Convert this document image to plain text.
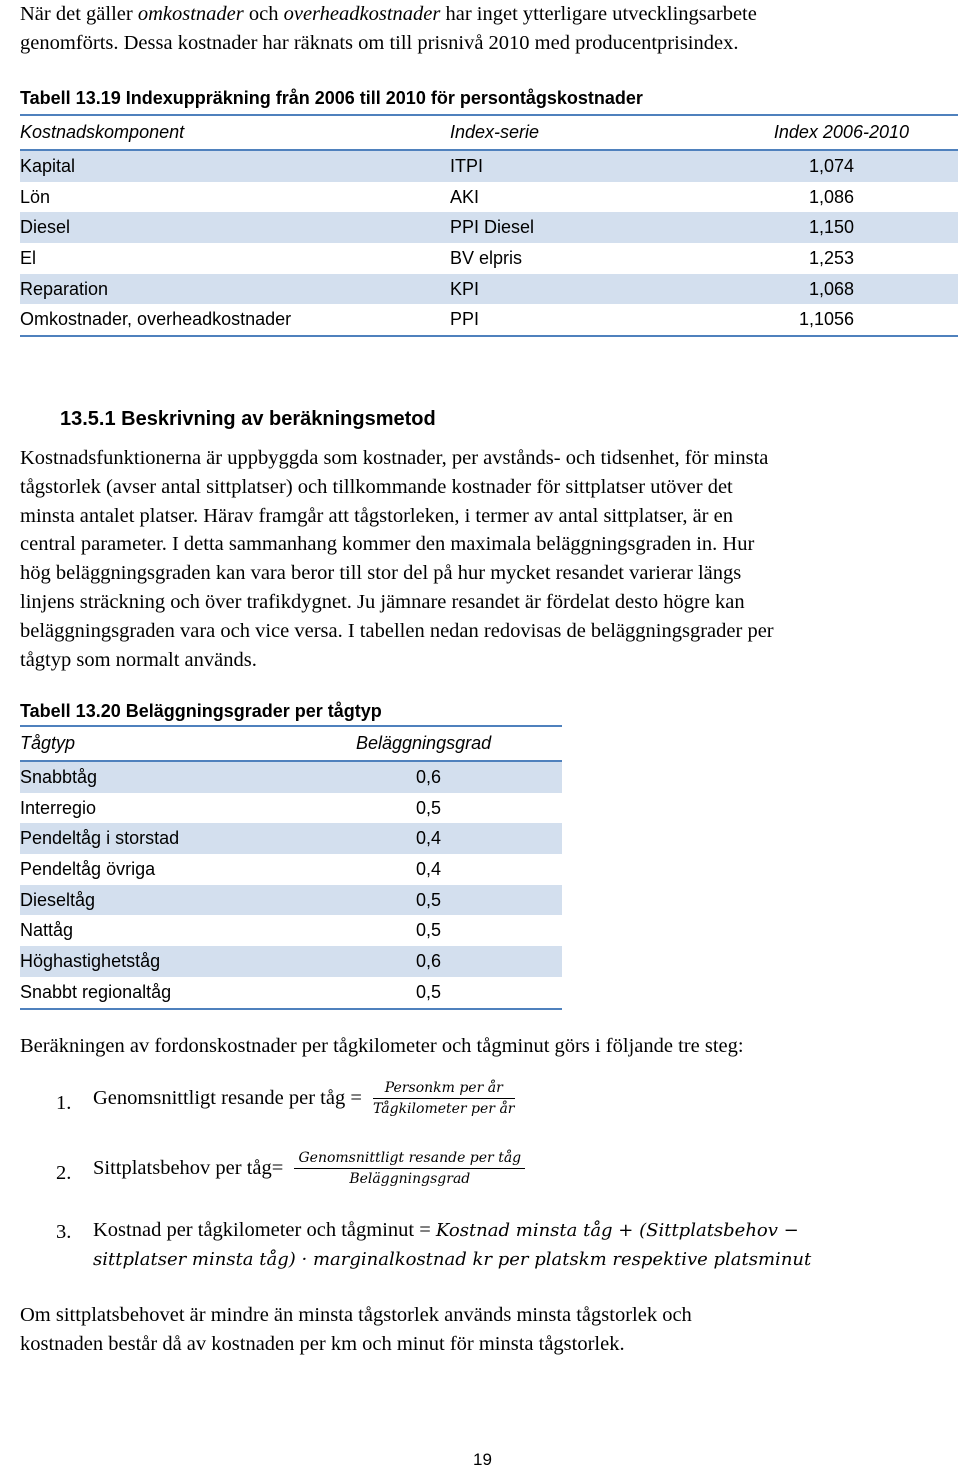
När det gäller omkostnader och overheadkostnader har inget ytterligare utvecklingsarbete
genomförts. Dessa kostnader har räknats om till prisnivå 2010 med producentprisindex.
Tabell 13.19 Indexuppräkning från 2006 till 2010 för persontågskostnader
Kostnadskomponent	Index-serie	Index 2006-2010
Kapital	ITPI	1,074
Lön	AKI	1,086
Diesel	PPI Diesel	1,150
El	BV elpris	1,253
Reparation	KPI	1,068
Omkostnader, overheadkostnader	PPI	1,1056
13.5.1 Beskrivning av beräkningsmetod
Kostnadsfunktionerna är uppbyggda som kostnader, per avstånds- och tidsenhet, för minsta
tågstorlek (avser antal sittplatser) och tillkommande kostnader för sittplatser utöver det
minsta antalet platser. Härav framgår att tågstorleken, i termer av antal sittplatser, är en
central parameter. I detta sammanhang kommer den maximala beläggningsgraden in. Hur
hög beläggningsgraden kan vara beror till stor del på hur mycket resandet varierar längs
linjens sträckning och över trafikdygnet. Ju jämnare resandet är fördelat desto högre kan
beläggningsgraden vara och vice versa. I tabellen nedan redovisas de beläggningsgrader per
tågtyp som normalt används.
Tabell 13.20 Beläggningsgrader per tågtyp
Tågtyp	Beläggningsgrad
Snabbtåg	0,6
Interregio	0,5
Pendeltåg i storstad	0,4
Pendeltåg övriga	0,4
Dieseltåg	0,5
Nattåg	0,5
Höghastighetståg	0,6
Snabbt regionaltåg	0,5
Beräkningen av fordonskostnader per tågkilometer och tågminut görs i följande tre steg:
1. Genomsnittligt resande per tåg = $\frac{\text{Personkm per år}}{\text{Tågkilometer per år}}$
2. Sittplatsbehov per tåg= $\frac{\text{Genomsnittligt resande per tåg}}{\text{Beläggningsgrad}}$
3. Kostnad per tågkilometer och tågminut = Kostnad minsta tåg + (Sittplatsbehov −
sittplatser minsta tåg) · marginalkostnad kr per platskm respektive platsminut
Om sittplatsbehovet är mindre än minsta tågstorlek används minsta tågstorlek och
kostnaden består då av kostnaden per km och minut för minsta tågstorlek.
19
